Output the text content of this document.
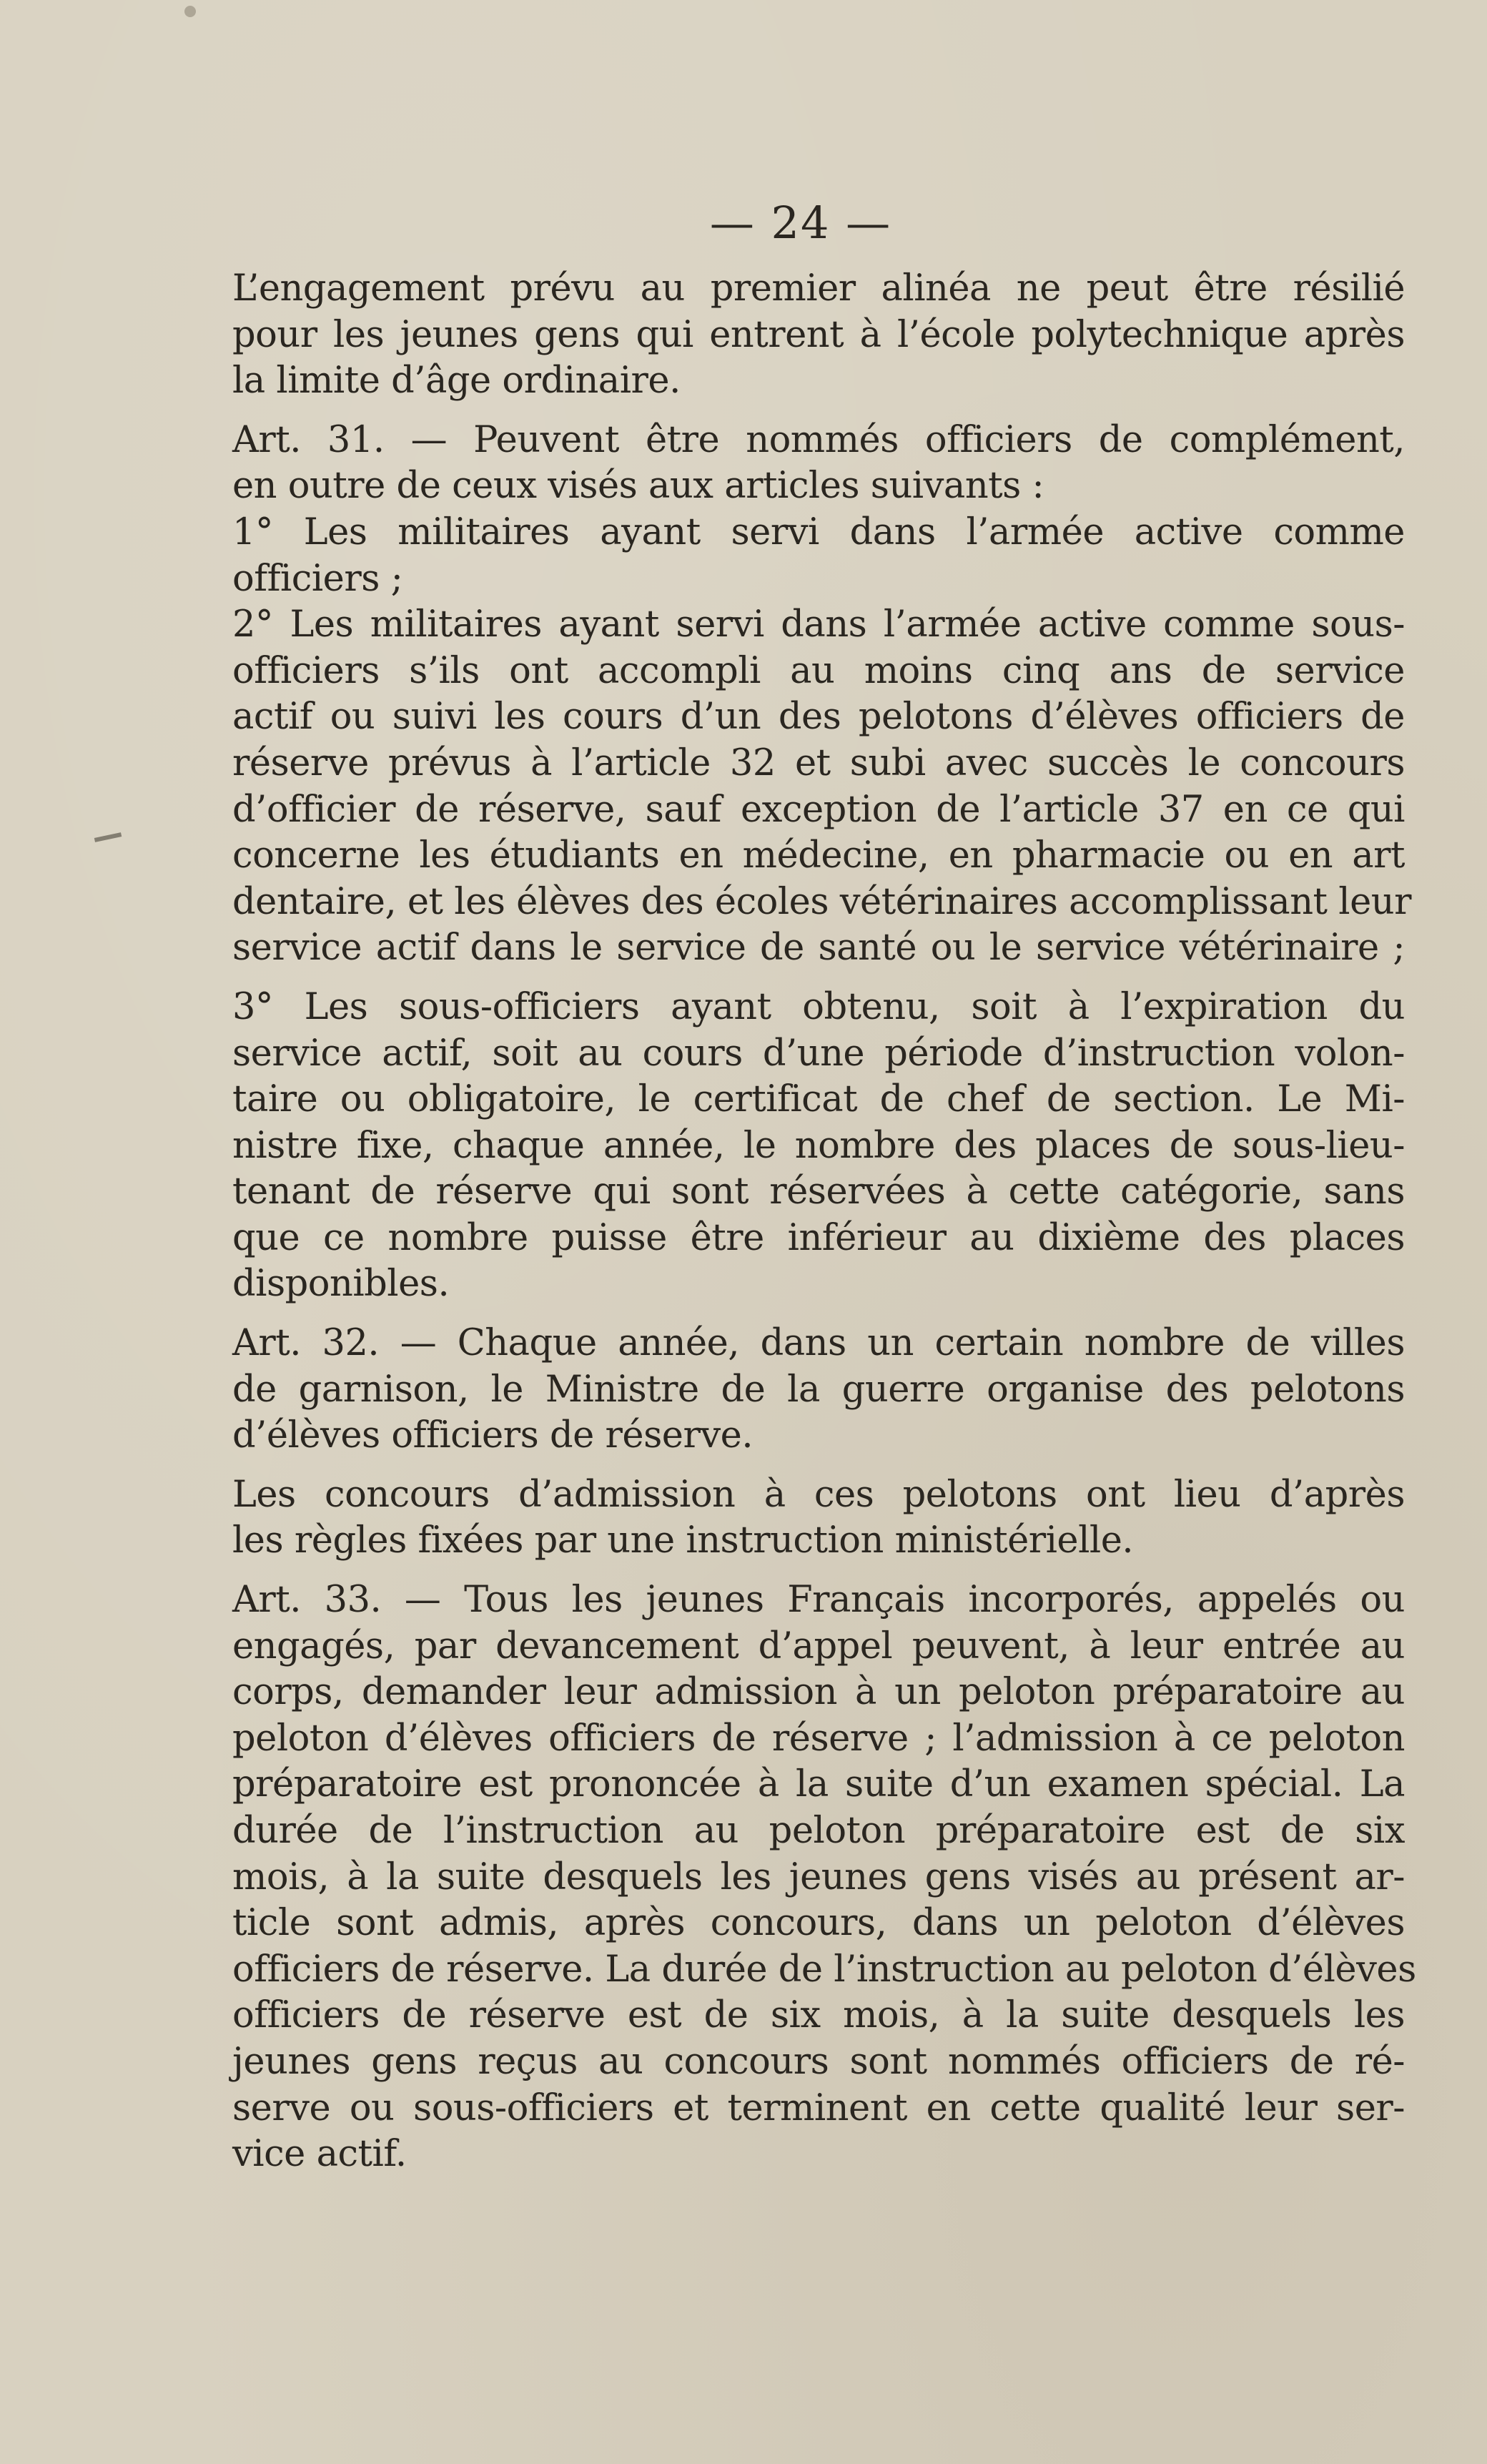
— 24 —
L’engagement prévu au premier alinéa ne peut être résilié
pour les jeunes gens qui entrent à l’école polytechnique après
la limite d’âge ordinaire.
Art. 31. — Peuvent être nommés officiers de complément,
en outre de ceux visés aux articles suivants :
1° Les militaires ayant servi dans l’armée active comme
officiers ;
2° Les militaires ayant servi dans l’armée active comme sous-
officiers s’ils ont accompli au moins cinq ans de service
actif ou suivi les cours d’un des pelotons d’élèves officiers de
réserve prévus à l’article 32 et subi avec succès le concours
d’officier de réserve, sauf exception de l’article 37 en ce qui
concerne les étudiants en médecine, en pharmacie ou en art
dentaire, et les élèves des écoles vétérinaires accomplissant leur
service actif dans le service de santé ou le service vétérinaire ;
3° Les sous-officiers ayant obtenu, soit à l’expiration du
service actif, soit au cours d’une période d’instruction volon-
taire ou obligatoire, le certificat de chef de section. Le Mi-
nistre fixe, chaque année, le nombre des places de sous-lieu-
tenant de réserve qui sont réservées à cette catégorie, sans
que ce nombre puisse être inférieur au dixième des places
disponibles.
Art. 32. — Chaque année, dans un certain nombre de villes
de garnison, le Ministre de la guerre organise des pelotons
d’élèves officiers de réserve.
Les concours d’admission à ces pelotons ont lieu d’après
les règles fixées par une instruction ministérielle.
Art. 33. — Tous les jeunes Français incorporés, appelés ou
engagés, par devancement d’appel peuvent, à leur entrée au
corps, demander leur admission à un peloton préparatoire au
peloton d’élèves officiers de réserve ; l’admission à ce peloton
préparatoire est prononcée à la suite d’un examen spécial. La
durée de l’instruction au peloton préparatoire est de six
mois, à la suite desquels les jeunes gens visés au présent ar-
ticle sont admis, après concours, dans un peloton d’élèves
officiers de réserve. La durée de l’instruction au peloton d’élèves
officiers de réserve est de six mois, à la suite desquels les
jeunes gens reçus au concours sont nommés officiers de ré-
serve ou sous-officiers et terminent en cette qualité leur ser-
vice actif.
